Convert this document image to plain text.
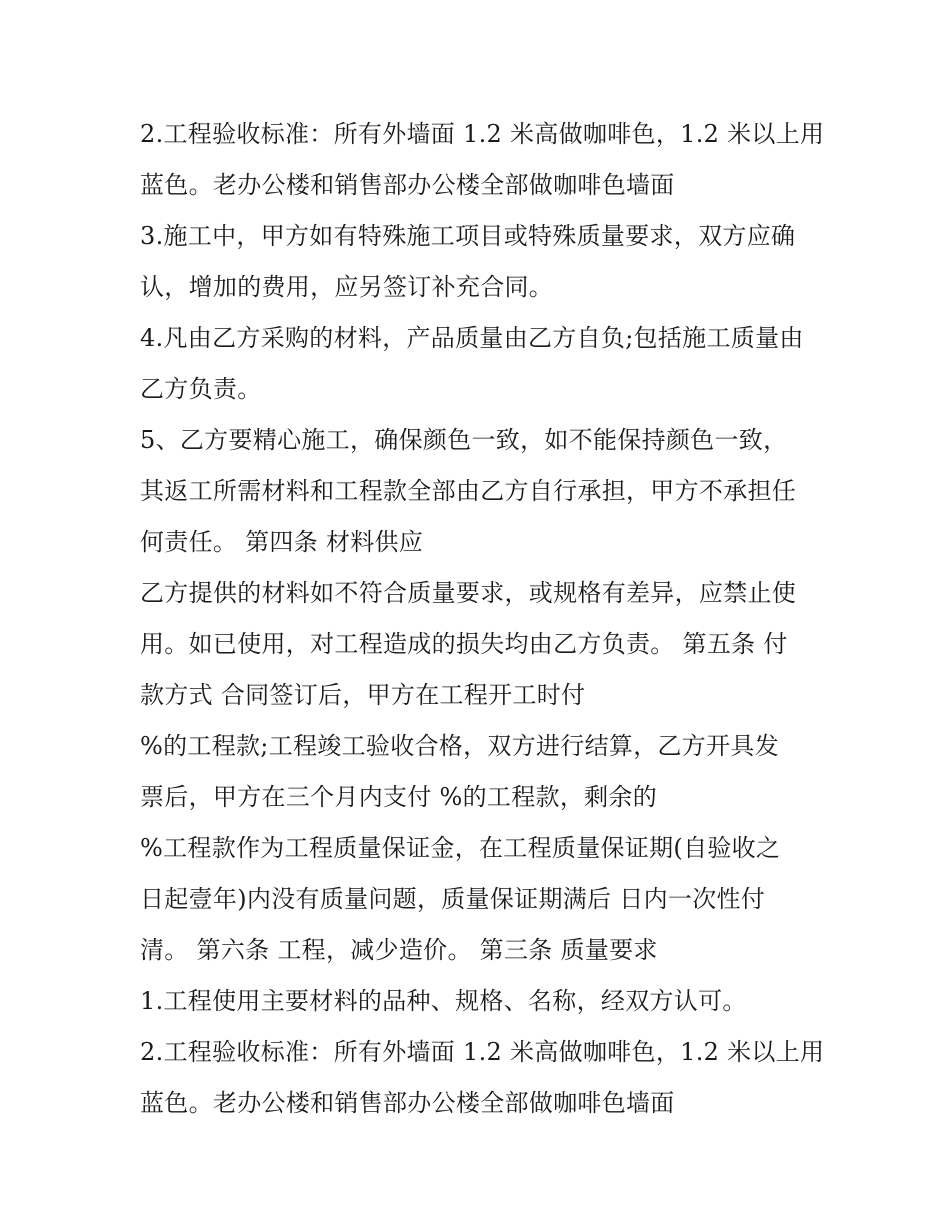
2.工程验收标准：所有外墙面 1.2 米高做咖啡色，1.2 米以上用

蓝色。老办公楼和销售部办公楼全部做咖啡色墙面

3.施工中，甲方如有特殊施工项目或特殊质量要求，双方应确

认，增加的费用，应另签订补充合同。

4.凡由乙方采购的材料，产品质量由乙方自负;包括施工质量由

乙方负责。

5、乙方要精心施工，确保颜色一致，如不能保持颜色一致，

其返工所需材料和工程款全部由乙方自行承担，甲方不承担任

何责任。 第四条 材料供应

乙方提供的材料如不符合质量要求，或规格有差异，应禁止使

用。如已使用，对工程造成的损失均由乙方负责。 第五条 付

款方式 合同签订后，甲方在工程开工时付

%的工程款;工程竣工验收合格，双方进行结算，乙方开具发

票后，甲方在三个月内支付 %的工程款，剩余的

%工程款作为工程质量保证金，在工程质量保证期(自验收之

日起壹年)内没有质量问题，质量保证期满后 日内一次性付

清。 第六条 工程，减少造价。 第三条 质量要求

1.工程使用主要材料的品种、规格、名称，经双方认可。

2.工程验收标准：所有外墙面 1.2 米高做咖啡色，1.2 米以上用

蓝色。老办公楼和销售部办公楼全部做咖啡色墙面
